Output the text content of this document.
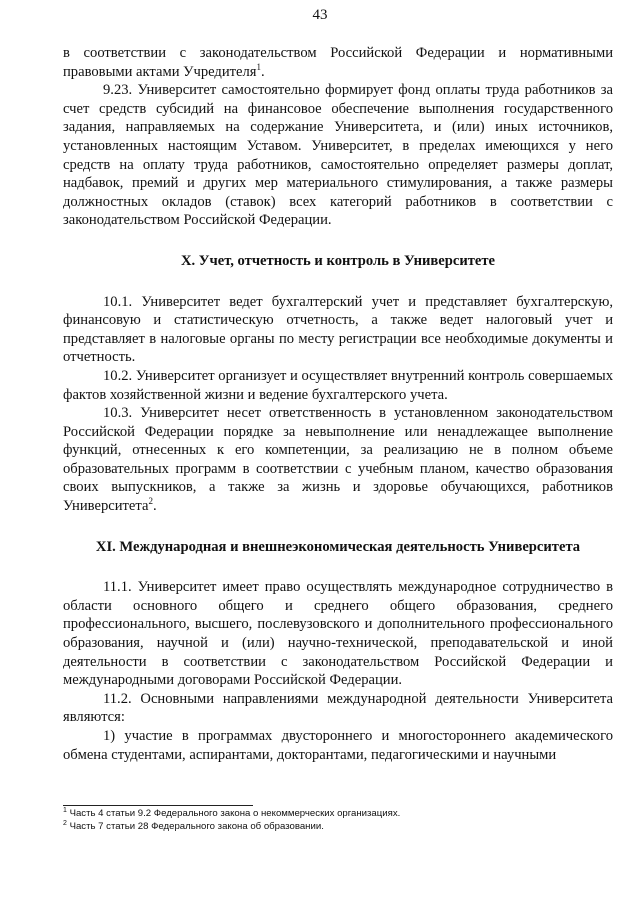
43

в соответствии с законодательством Российской Федерации и нормативными правовыми актами Учредителя$^1$.

9.23. Университет самостоятельно формирует фонд оплаты труда работников за счет средств субсидий на финансовое обеспечение выполнения государственного задания, направляемых на содержание Университета, и (или) иных источников, установленных настоящим Уставом. Университет, в пределах имеющихся у него средств на оплату труда работников, самостоятельно определяет размеры доплат, надбавок, премий и других мер материального стимулирования, а также размеры должностных окладов (ставок) всех категорий работников в соответствии с законодательством Российской Федерации.

X. Учет, отчетность и контроль в Университете

10.1. Университет ведет бухгалтерский учет и представляет бухгалтерскую, финансовую и статистическую отчетность, а также ведет налоговый учет и представляет в налоговые органы по месту регистрации все необходимые документы и отчетность.

10.2. Университет организует и осуществляет внутренний контроль совершаемых фактов хозяйственной жизни и ведение бухгалтерского учета.

10.3. Университет несет ответственность в установленном законодательством Российской Федерации порядке за невыполнение или ненадлежащее выполнение функций, отнесенных к его компетенции, за реализацию не в полном объеме образовательных программ в соответствии с учебным планом, качество образования своих выпускников, а также за жизнь и здоровье обучающихся, работников Университета$^2$.

XI. Международная и внешнеэкономическая деятельность Университета

11.1. Университет имеет право осуществлять международное сотрудничество в области основного общего и среднего общего образования, среднего профессионального, высшего, послевузовского и дополнительного профессионального образования, научной и (или) научно-технической, преподавательской и иной деятельности в соответствии с законодательством Российской Федерации и международными договорами Российской Федерации.

11.2. Основными направлениями международной деятельности Университета являются:

1) участие в программах двустороннего и многостороннего академического обмена студентами, аспирантами, докторантами, педагогическими и научными

$^1$ Часть 4 статьи 9.2 Федерального закона о некоммерческих организациях.

$^2$ Часть 7 статьи 28 Федерального закона об образовании.
